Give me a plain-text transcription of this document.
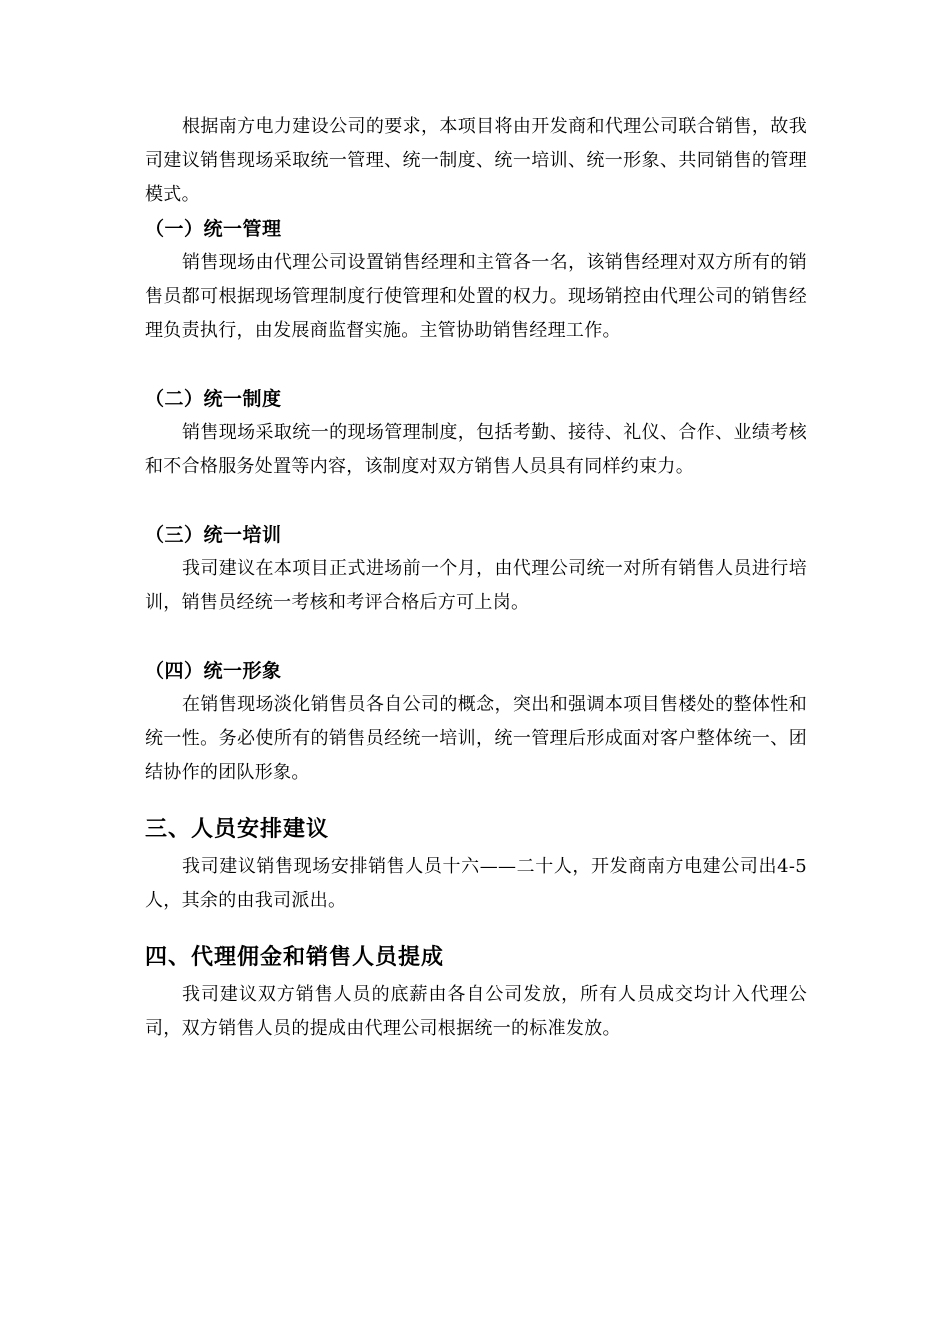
根据南方电力建设公司的要求，本项目将由开发商和代理公司联合销售，故我司建议销售现场采取统一管理、统一制度、统一培训、统一形象、共同销售的管理模式。

（一）统一管理

销售现场由代理公司设置销售经理和主管各一名，该销售经理对双方所有的销售员都可根据现场管理制度行使管理和处置的权力。现场销控由代理公司的销售经理负责执行，由发展商监督实施。主管协助销售经理工作。

（二）统一制度

销售现场采取统一的现场管理制度，包括考勤、接待、礼仪、合作、业绩考核和不合格服务处置等内容，该制度对双方销售人员具有同样约束力。

（三）统一培训

我司建议在本项目正式进场前一个月，由代理公司统一对所有销售人员进行培训，销售员经统一考核和考评合格后方可上岗。

（四）统一形象

在销售现场淡化销售员各自公司的概念，突出和强调本项目售楼处的整体性和统一性。务必使所有的销售员经统一培训，统一管理后形成面对客户整体统一、团结协作的团队形象。

三、人员安排建议

我司建议销售现场安排销售人员十六——二十人，开发商南方电建公司出4-5人，其余的由我司派出。

四、代理佣金和销售人员提成

我司建议双方销售人员的底薪由各自公司发放，所有人员成交均计入代理公司，双方销售人员的提成由代理公司根据统一的标准发放。
